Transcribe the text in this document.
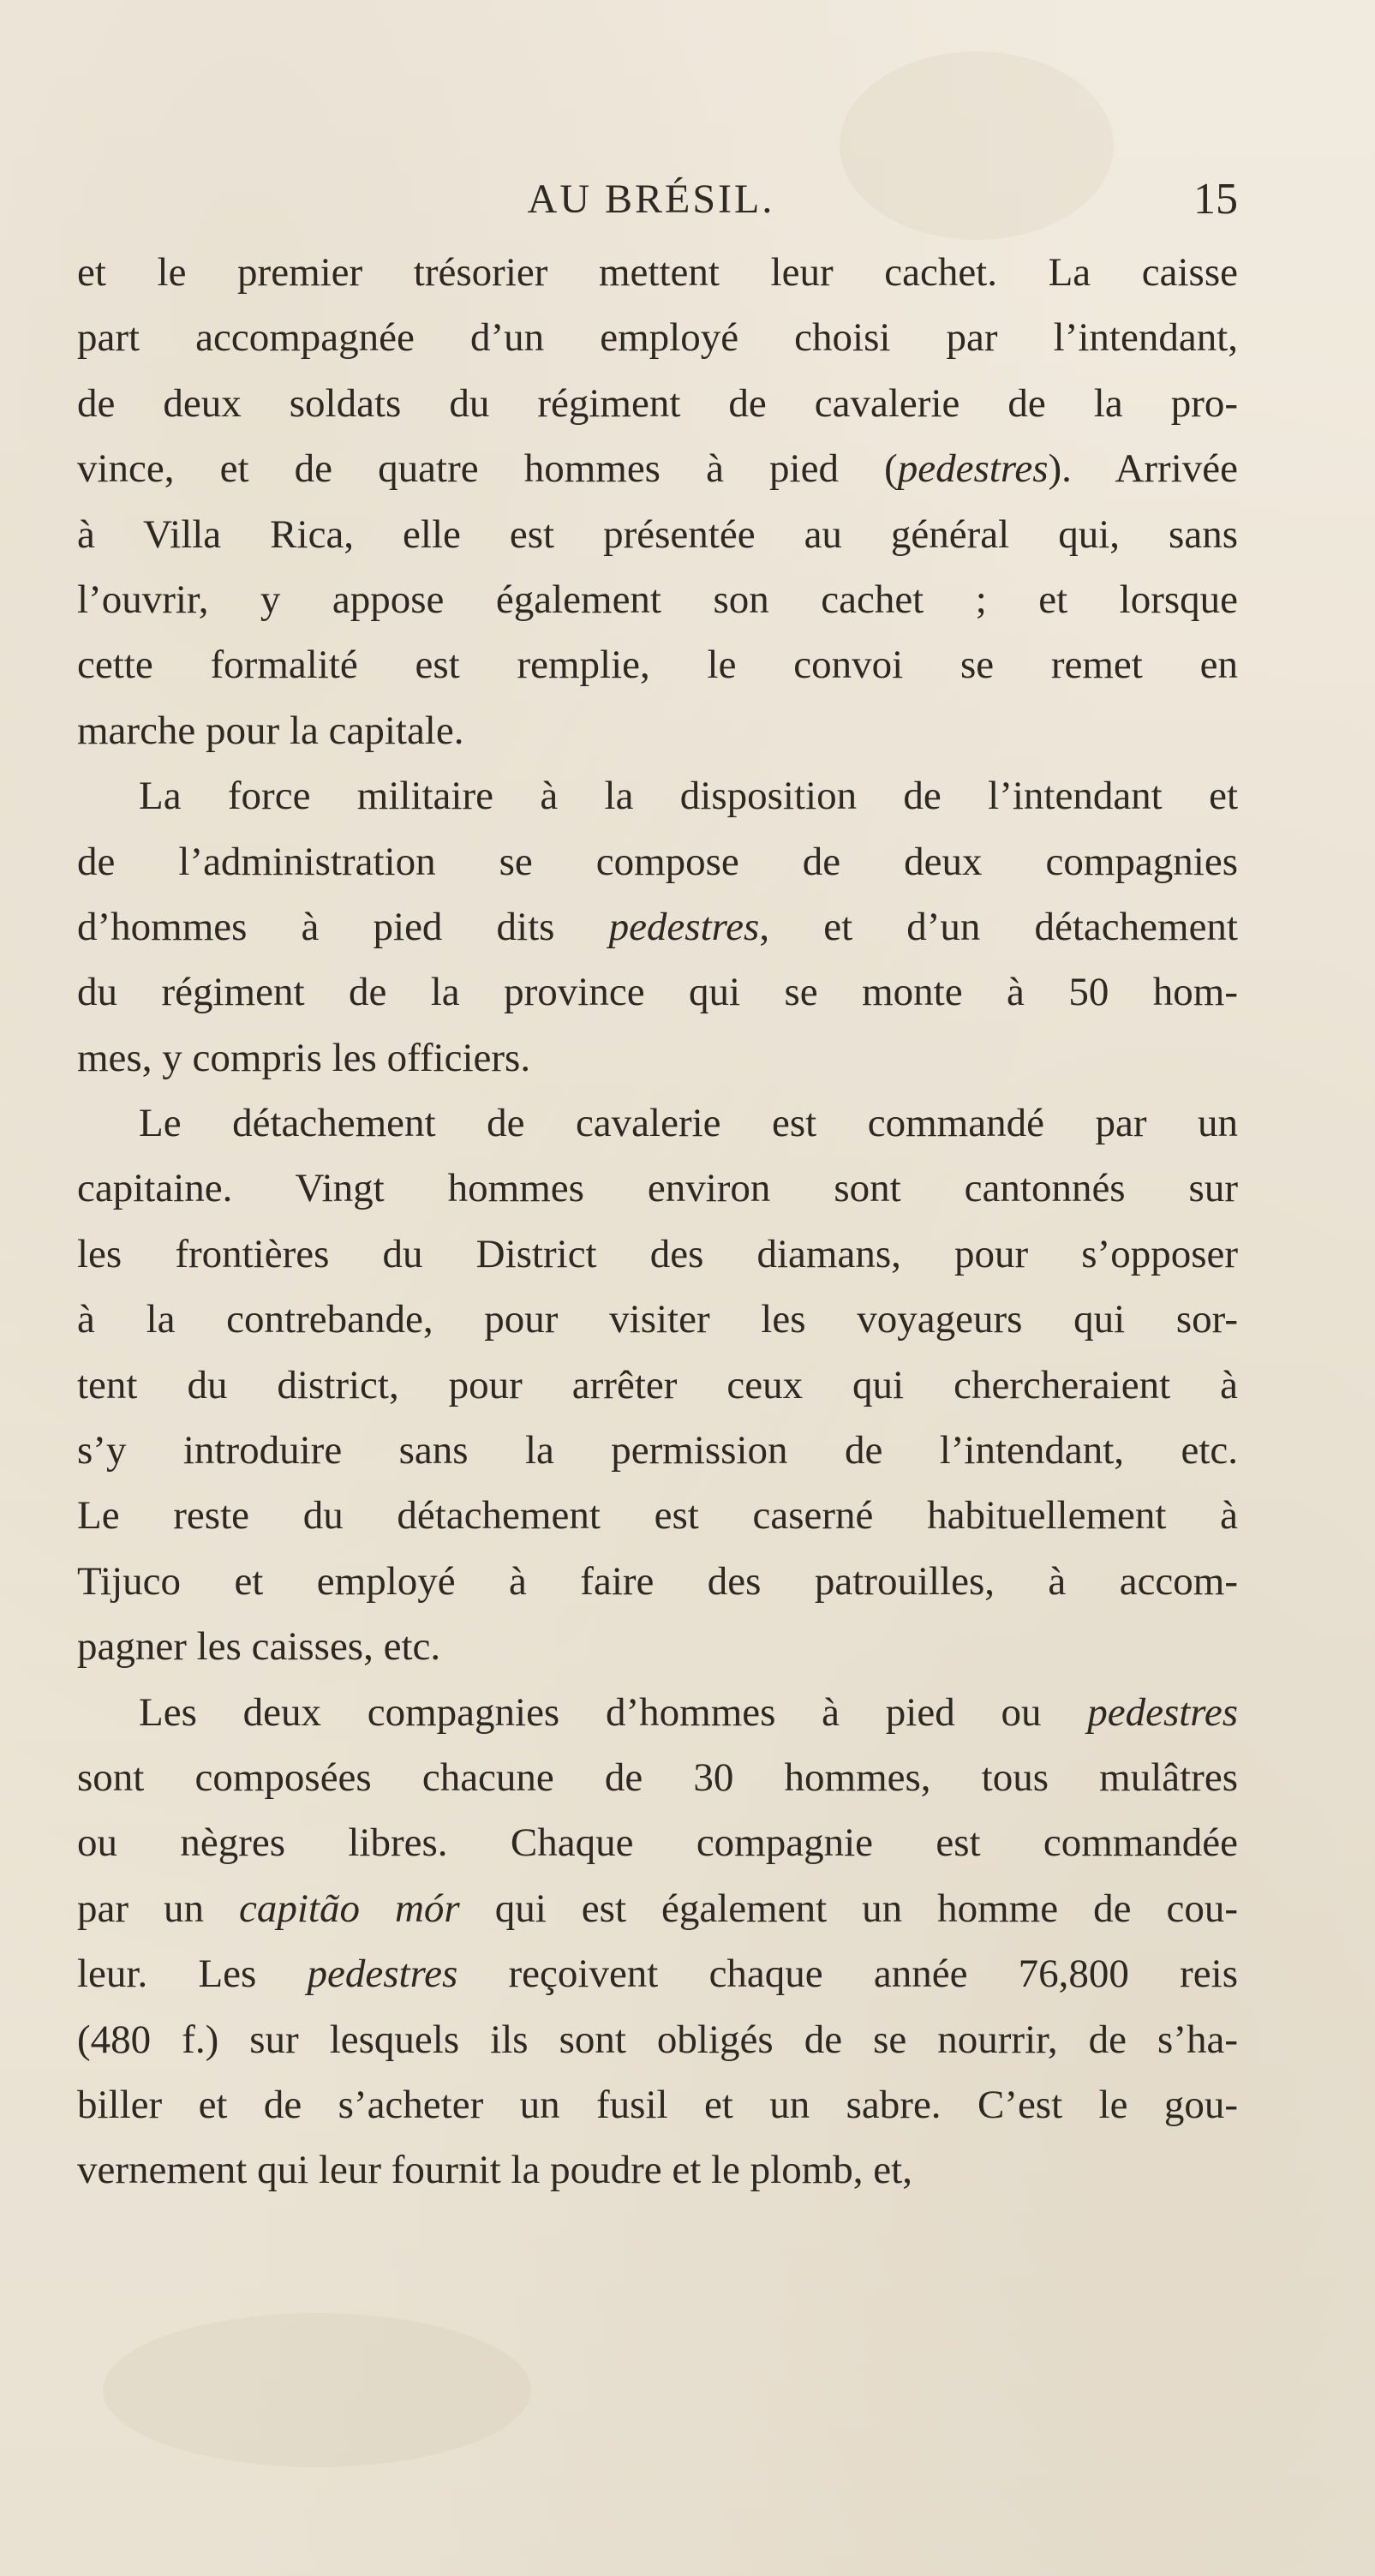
AU BRÉSIL.	15
et le premier trésorier mettent leur cachet. La caisse
part accompagnée d’un employé choisi par l’intendant,
de deux soldats du régiment de cavalerie de la pro-
vince, et de quatre hommes à pied (pedestres). Arrivée
à Villa Rica, elle est présentée au général qui, sans
l’ouvrir, y appose également son cachet ; et lorsque
cette formalité est remplie, le convoi se remet en
marche pour la capitale.
La force militaire à la disposition de l’intendant et
de l’administration se compose de deux compagnies
d’hommes à pied dits pedestres, et d’un détachement
du régiment de la province qui se monte à 50 hom-
mes, y compris les officiers.
Le détachement de cavalerie est commandé par un
capitaine. Vingt hommes environ sont cantonnés sur
les frontières du District des diamans, pour s’opposer
à la contrebande, pour visiter les voyageurs qui sor-
tent du district, pour arrêter ceux qui chercheraient à
s’y introduire sans la permission de l’intendant, etc.
Le reste du détachement est caserné habituellement à
Tijuco et employé à faire des patrouilles, à accom-
pagner les caisses, etc.
Les deux compagnies d’hommes à pied ou pedestres
sont composées chacune de 30 hommes, tous mulâtres
ou nègres libres. Chaque compagnie est commandée
par un capitão mór qui est également un homme de cou-
leur. Les pedestres reçoivent chaque année 76,800 reis
(480 f.) sur lesquels ils sont obligés de se nourrir, de s’ha-
biller et de s’acheter un fusil et un sabre. C’est le gou-
vernement qui leur fournit la poudre et le plomb, et,
